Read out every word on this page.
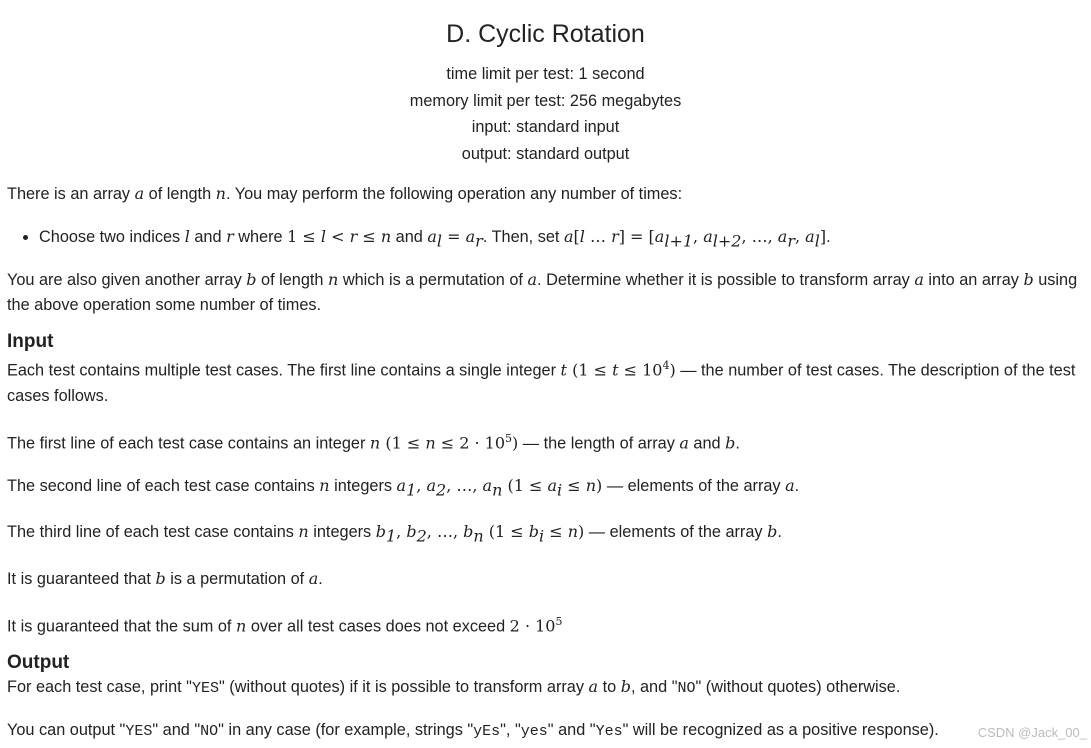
D. Cyclic Rotation
time limit per test: 1 second
memory limit per test: 256 megabytes
input: standard input
output: standard output

There is an array a of length n. You may perform the following operation any number of times:

• Choose two indices l and r where 1 ≤ l < r ≤ n and $a_l = a_r$. Then, set a[l … $r] = [a_{l+1}$, $a_{l+2}$, …, $a_r$, $a_l$].

You are also given another array b of length n which is a permutation of a. Determine whether it is possible to transform array a into an array b using the above operation some number of times.

Input

Each test contains multiple test cases. The first line contains a single integer t $(1 \le t \le 10^4)$ — the number of test cases. The description of the test cases follows.

The first line of each test case contains an integer n $(1 \le n \le 2 \cdot 10^5)$ — the length of array a and b.

The second line of each test case contains n integers $a_1$, $a_2$, …, $a_n$ $(1 \le a_i \le n)$ — elements of the array a.

The third line of each test case contains n integers $b_1$, $b_2$, …, $b_n$ $(1 \le b_i \le n)$ — elements of the array b.

It is guaranteed that b is a permutation of a.

It is guaranteed that the sum of n over all test cases does not exceed $2 \cdot 10^5$

Output

For each test case, print "YES" (without quotes) if it is possible to transform array a to b, and "NO" (without quotes) otherwise.

You can output "YES" and "NO" in any case (for example, strings "yEs", "yes" and "Yes" will be recognized as a positive response).	CSDN @Jack_00_
